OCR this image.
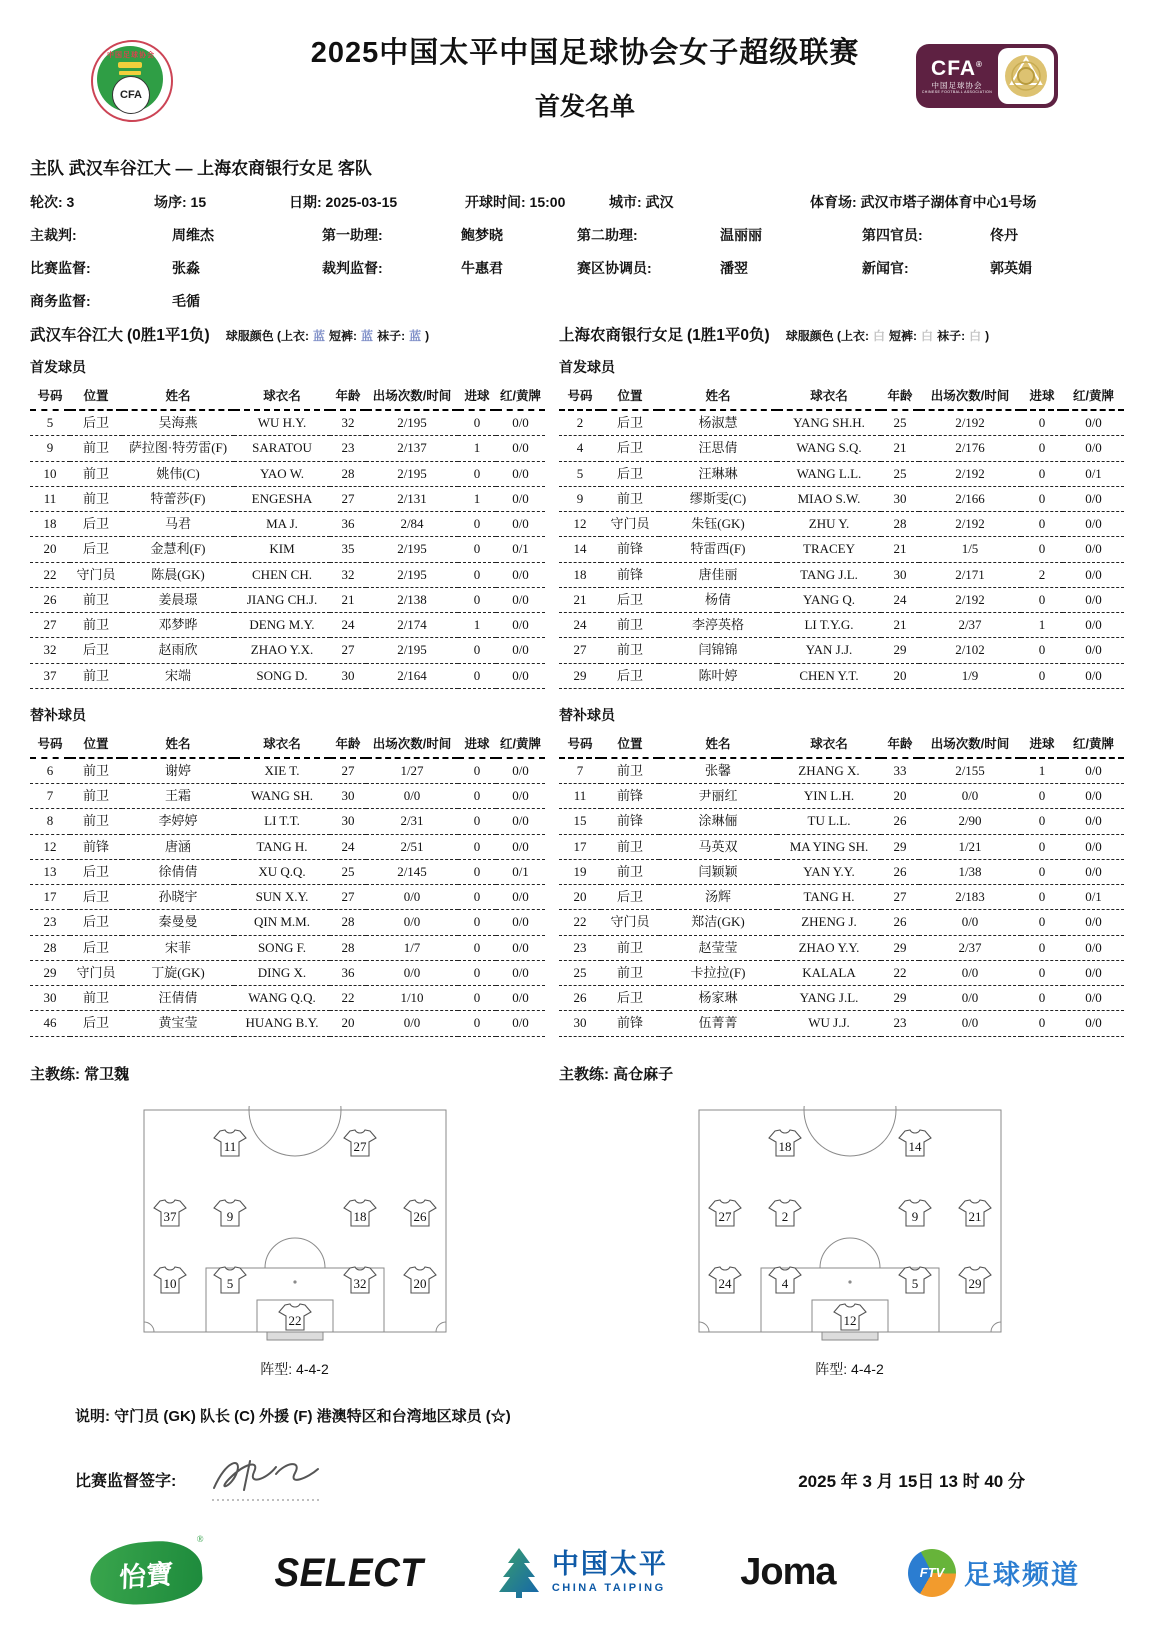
中国足球协会
CFA
2025中国太平中国足球协会女子超级联赛
首发名单
CFA®
中国足球协会
CHINESE FOOTBALL ASSOCIATION
主队 武汉车谷江大 — 上海农商银行女足 客队
轮次: 3	场序: 15	日期: 2025-03-15	开球时间: 15:00	城市: 武汉	体育场: 武汉市塔子湖体育中心1号场
主裁判:	周维杰	第一助理:	鲍梦晓	第二助理:	温丽丽	第四官员:	佟丹
比赛监督:	张淼	裁判监督:	牛惠君	赛区协调员:	潘翌	新闻官:	郭英娟
商务监督:	毛循
武汉车谷江大 (0胜1平1负) 球服颜色 (上衣: 蓝 短裤: 蓝 袜子: 蓝 )	上海农商银行女足 (1胜1平0负) 球服颜色 (上衣: 白 短裤: 白 袜子: 白 )
首发球员	首发球员
号码	位置	姓名	球衣名	年龄 出场次数/时间	进球 红/黄牌	号码	位置	姓名	球衣名	年龄	出场次数/时间	进球	红/黄牌
5	后卫	吴海燕	WU H.Y.	32	2/195	0	0/0	2	后卫	杨淑慧	YANG SH.H.	25	2/192	0	0/0
9	前卫	萨拉图·特劳雷(F)	SARATOU	23	2/137	1	0/0	4	后卫	汪思倩	WANG S.Q.	21	2/176	0	0/0
10	前卫	姚伟(C)	YAO W.	28	2/195	0	0/0	5	后卫	汪琳琳	WANG L.L.	25	2/192	0	0/1
11	前卫	特蕾莎(F)	ENGESHA	27	2/131	1	0/0	9	前卫	缪斯雯(C)	MIAO S.W.	30	2/166	0	0/0
18	后卫	马君	MA J.	36	2/84	0	0/0	12	守门员	朱钰(GK)	ZHU Y.	28	2/192	0	0/0
20	后卫	金慧利(F)	KIM	35	2/195	0	0/1	14	前锋	特雷西(F)	TRACEY	21	1/5	0	0/0
22	守门员	陈晨(GK)	CHEN CH.	32	2/195	0	0/0	18	前锋	唐佳丽	TANG J.L.	30	2/171	2	0/0
26	前卫	姜晨璟	JIANG CH.J.	21	2/138	0	0/0	21	后卫	杨倩	YANG Q.	24	2/192	0	0/0
27	前卫	邓梦晔	DENG M.Y.	24	2/174	1	0/0	24	前卫	李渟英格	LI T.Y.G.	21	2/37	1	0/0
32	后卫	赵雨欣	ZHAO Y.X.	27	2/195	0	0/0	27	前卫	闫锦锦	YAN J.J.	29	2/102	0	0/0
37	前卫	宋端	SONG D.	30	2/164	0	0/0	29	后卫	陈叶婷	CHEN Y.T.	20	1/9	0	0/0
替补球员	替补球员
号码	位置	姓名	球衣名	年龄 出场次数/时间	进球 红/黄牌	号码	位置	姓名	球衣名	年龄	出场次数/时间	进球	红/黄牌
6	前卫	谢婷	XIE T.	27	1/27	0	0/0	7	前卫	张馨	ZHANG X.	33	2/155	1	0/0
7	前卫	王霜	WANG SH.	30	0/0	0	0/0	11	前锋	尹丽红	YIN L.H.	20	0/0	0	0/0
8	前卫	李婷婷	LI T.T.	30	2/31	0	0/0	15	前锋	涂琳俪	TU L.L.	26	2/90	0	0/0
12	前锋	唐涵	TANG H.	24	2/51	0	0/0	17	前卫	马英双	MA YING SH.	29	1/21	0	0/0
13	后卫	徐倩倩	XU Q.Q.	25	2/145	0	0/1	19	前卫	闫颖颖	YAN Y.Y.	26	1/38	0	0/0
17	后卫	孙晓宇	SUN X.Y.	27	0/0	0	0/0	20	后卫	汤辉	TANG H.	27	2/183	0	0/1
23	后卫	秦曼曼	QIN M.M.	28	0/0	0	0/0	22	守门员	郑洁(GK)	ZHENG J.	26	0/0	0	0/0
28	后卫	宋菲	SONG F.	28	1/7	0	0/0	23	前卫	赵莹莹	ZHAO Y.Y.	29	2/37	0	0/0
29	守门员	丁旋(GK)	DING X.	36	0/0	0	0/0	25	前卫	卡拉拉(F)	KALALA	22	0/0	0	0/0
30	前卫	汪倩倩	WANG Q.Q.	22	1/10	0	0/0	26	后卫	杨家琳	YANG J.L.	29	0/0	0	0/0
46	后卫	黄宝莹	HUANG B.Y.	20	0/0	0	0/0	30	前锋	伍菁菁	WU J.J.	23	0/0	0	0/0
主教练: 常卫魏	主教练: 高仓麻子
11	27
37	9	18	26
10	5	32	20
22
阵型: 4-4-2
18	14
27	2	9	21
24	4	5	29
12
阵型: 4-4-2
说明: 守门员 (GK) 队长 (C) 外援 (F) 港澳特区和台湾地区球员 (☆)
比赛监督签字:	2025 年 3 月 15日 13 时 40 分
怡寶
®
SELECT	中国太平
CHINA TAIPING Joma	FTV 足球频道
